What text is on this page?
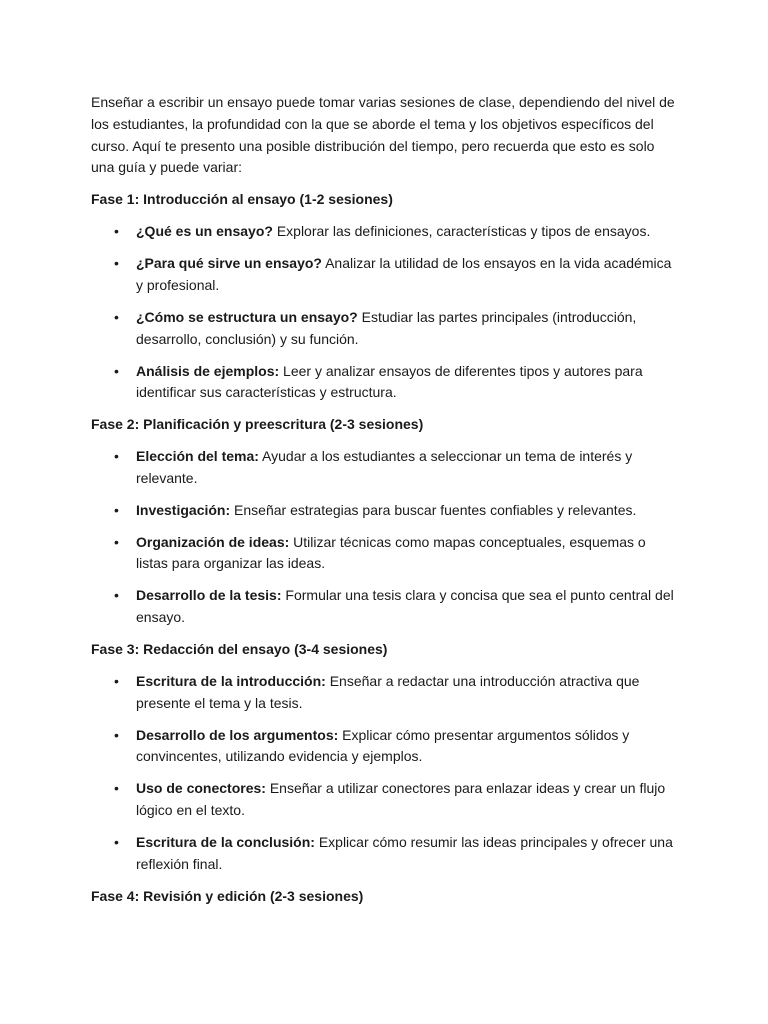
Enseñar a escribir un ensayo puede tomar varias sesiones de clase, dependiendo del nivel de los estudiantes, la profundidad con la que se aborde el tema y los objetivos específicos del curso. Aquí te presento una posible distribución del tiempo, pero recuerda que esto es solo una guía y puede variar:

Fase 1: Introducción al ensayo (1-2 sesiones)

• ¿Qué es un ensayo? Explorar las definiciones, características y tipos de ensayos.
• ¿Para qué sirve un ensayo? Analizar la utilidad de los ensayos en la vida académica y profesional.
• ¿Cómo se estructura un ensayo? Estudiar las partes principales (introducción, desarrollo, conclusión) y su función.
• Análisis de ejemplos: Leer y analizar ensayos de diferentes tipos y autores para identificar sus características y estructura.

Fase 2: Planificación y preescritura (2-3 sesiones)

• Elección del tema: Ayudar a los estudiantes a seleccionar un tema de interés y relevante.
• Investigación: Enseñar estrategias para buscar fuentes confiables y relevantes.
• Organización de ideas: Utilizar técnicas como mapas conceptuales, esquemas o listas para organizar las ideas.
• Desarrollo de la tesis: Formular una tesis clara y concisa que sea el punto central del ensayo.

Fase 3: Redacción del ensayo (3-4 sesiones)

• Escritura de la introducción: Enseñar a redactar una introducción atractiva que presente el tema y la tesis.
• Desarrollo de los argumentos: Explicar cómo presentar argumentos sólidos y convincentes, utilizando evidencia y ejemplos.
• Uso de conectores: Enseñar a utilizar conectores para enlazar ideas y crear un flujo lógico en el texto.
• Escritura de la conclusión: Explicar cómo resumir las ideas principales y ofrecer una reflexión final.

Fase 4: Revisión y edición (2-3 sesiones)
